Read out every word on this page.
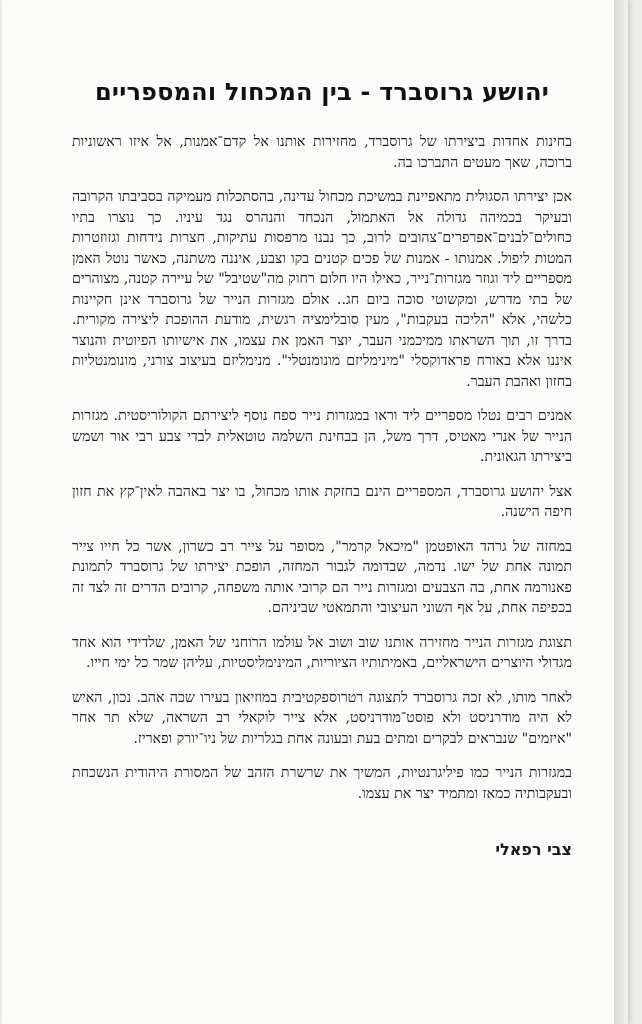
יהושע גרוסברד - בין המכחול והמספריים

בחינות אחדות ביצירתו של גרוסברד, מחזירות אותנו אל קדם־אמנות, אל איזו ראשוניות ברוכה, שאך מעטים התברכו בה.

אכן יצירתו הסגולית מתאפיינת במשיכת מכחול עדינה, בהסתכלות מעמיקה בסביבתו הקרובה ובעיקר בכמיהה גדולה אל האתמול, הנכחד והנהרס נגד עיניו. כך נוצרו בתיו כחולים־לבנים־אפרפרים־צהובים לרוב, כך נבנו מרפסות עתיקות, חצרות נידחות וגזוזטרות המטות ליפול. אמנותו - אמנות של פכים קטנים בקו וצבע, איננה משתנה, כאשר נוטל האמן מספריים ליד וגוזר מגזרות־נייר, כאילו היו חלום רחוק מה"שטיבל" של עיירה קטנה, מצוהרים של בתי מדרש, ומקשוטי סוכה ביום חג.. אולם מגזרות הנייר של גרוסברד אינן חקיינות כלשהי, אלא "הליכה בעקבות", מעין סובלימציה רגשית, מודעת ההופכת ליצירה מקורית. בדרך זו, תוך השראתו ממיכמני העבר, יוצר האמן את עצמו, את אישיותו הפיוטית והנוצר איננו אלא באורח פראדוקסלי "מינימליזם מונומנטלי". מנימליזם בעיצוב צורני, מונומנטליות בחזון ואהבת העבר.

אמנים רבים נטלו מספריים ליד וראו במגזרות נייר ספח נוסף ליצירתם הקולוריסטית. מגזרות הנייר של אנרי מאטיס, דרך משל, הן בבחינת השלמה טוטאלית לבדי צבע רבי אור ושמש ביצירתו הגאונית.

אצל יהושע גרוסברד, המספריים הינם בחזקת אותו מכחול, בו יצר באהבה לאין־קץ את חזון חיפה הישנה.

במחזה של גרהד האופטמן "מיכאל קרמר", מסופר על צייר רב כשרון, אשר כל חייו צייר תמונה אחת של ישו. נדמה, שבדומה לגבור המחזה, הופכת יצירתו של גרוסברד לתמונת פאנורמה אחת, בה הצבעים ומגזרות נייר הם קרובי אותה משפחה, קרובים הדרים זה לצד זה בכפיפה אחת, על אף השוני העיצובי והתמאטי שביניהם.

תצוגת מגזרות הנייר מחזירה אותנו שוב ושוב אל עולמו הרוחני של האמן, שלדידי הוא אחד מגדולי היוצרים הישראליים, באמיתותיו הציוריות, המינימליסטיות, עליהן שמר כל ימי חייו.

לאחר מותו, לא זכה גרוסברד לתצוגה רטרוספקטיבית במוזיאון בעירו שכה אהב. נכון, האיש לא היה מודרניסט ולא פוסט־מודרניסט, אלא צייר לוקאלי רב השראה, שלא תר אחר "איזמים" שנבראים לבקרים ומתים בעת ובעונה אחת בגלריות של ניו־יורק ופאריז.

במגזרות הנייר כמו פיליגרנטיות, המשיך את שרשרת הזהב של המסורת היהודית הנשכחת ובעקבותיה כמאז ומתמיד יצר את עצמו.

צבי רפאלי
